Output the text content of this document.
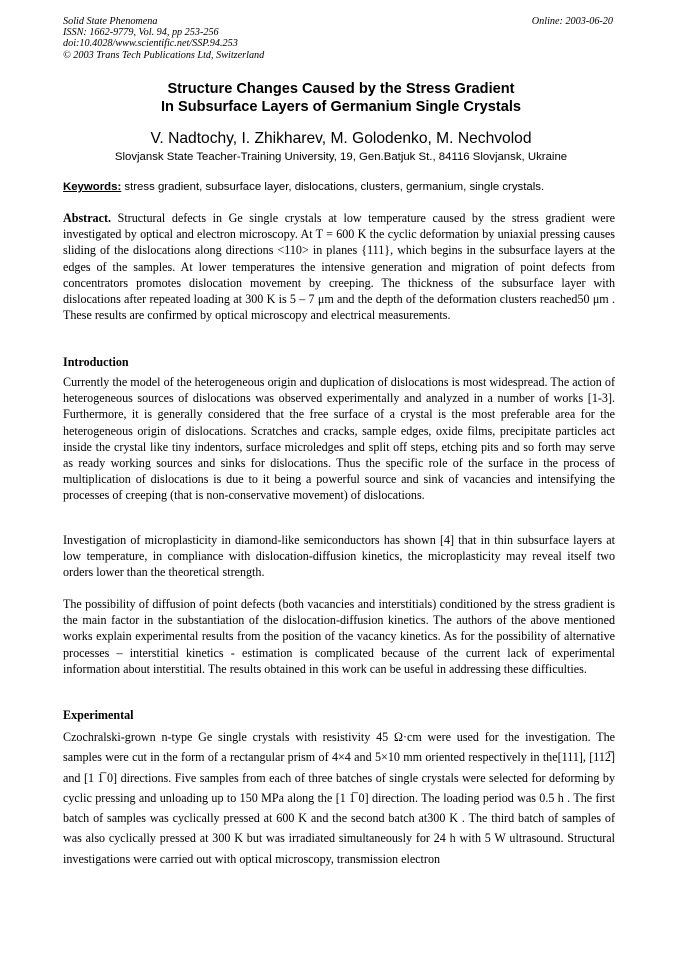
Solid State Phenomena
ISSN: 1662-9779, Vol. 94, pp 253-256
doi:10.4028/www.scientific.net/SSP.94.253
© 2003 Trans Tech Publications Ltd, Switzerland
Online: 2003-06-20
Structure Changes Caused by the Stress Gradient
In Subsurface Layers of Germanium Single Crystals
V. Nadtochy, I. Zhikharev, M. Golodenko, M. Nechvolod
Slovjansk State Teacher-Training University, 19, Gen.Batjuk St., 84116 Slovjansk, Ukraine
Keywords: stress gradient, subsurface layer, dislocations, clusters, germanium, single crystals.
Abstract. Structural defects in Ge single crystals at low temperature caused by the stress gradient were investigated by optical and electron microscopy. At T = 600 K the cyclic deformation by uniaxial pressing causes sliding of the dislocations along directions <110> in planes {111}, which begins in the subsurface layers at the edges of the samples. At lower temperatures the intensive generation and migration of point defects from concentrators promotes dislocation movement by creeping. The thickness of the subsurface layer with dislocations after repeated loading at 300 K is 5 – 7 μm and the depth of the deformation clusters reached50 μm . These results are confirmed by optical microscopy and electrical measurements.
Introduction
Currently the model of the heterogeneous origin and duplication of dislocations is most widespread. The action of heterogeneous sources of dislocations was observed experimentally and analyzed in a number of works [1-3]. Furthermore, it is generally considered that the free surface of a crystal is the most preferable area for the heterogeneous origin of dislocations. Scratches and cracks, sample edges, oxide films, precipitate particles act inside the crystal like tiny indentors, surface microledges and split off steps, etching pits and so forth may serve as ready working sources and sinks for dislocations. Thus the specific role of the surface in the process of multiplication of dislocations is due to it being a powerful source and sink of vacancies and intensifying the processes of creeping (that is non-conservative movement) of dislocations.
Investigation of microplasticity in diamond-like semiconductors has shown [4] that in thin subsurface layers at low temperature, in compliance with dislocation-diffusion kinetics, the microplasticity may reveal itself two orders lower than the theoretical strength.
The possibility of diffusion of point defects (both vacancies and interstitials) conditioned by the stress gradient is the main factor in the substantiation of the dislocation-diffusion kinetics. The authors of the above mentioned works explain experimental results from the position of the vacancy kinetics. As for the possibility of alternative processes – interstitial kinetics - estimation is complicated because of the current lack of experimental information about interstitial. The results obtained in this work can be useful in addressing these difficulties.
Experimental
Czochralski-grown n-type Ge single crystals with resistivity 45 Ω·cm were used for the investigation. The samples were cut in the form of a rectangular prism of 4×4 and 5×10 mm oriented respectively in the[111], [112̅] and [1 1̅ 0] directions. Five samples from each of three batches of single crystals were selected for deforming by cyclic pressing and unloading up to 150 MPa along the [1 1̅ 0] direction. The loading period was 0.5 h . The first batch of samples was cyclically pressed at 600 K and the second batch at300 K . The third batch of samples of was also cyclically pressed at 300 K but was irradiated simultaneously for 24 h with 5 W ultrasound. Structural investigations were carried out with optical microscopy, transmission electron
